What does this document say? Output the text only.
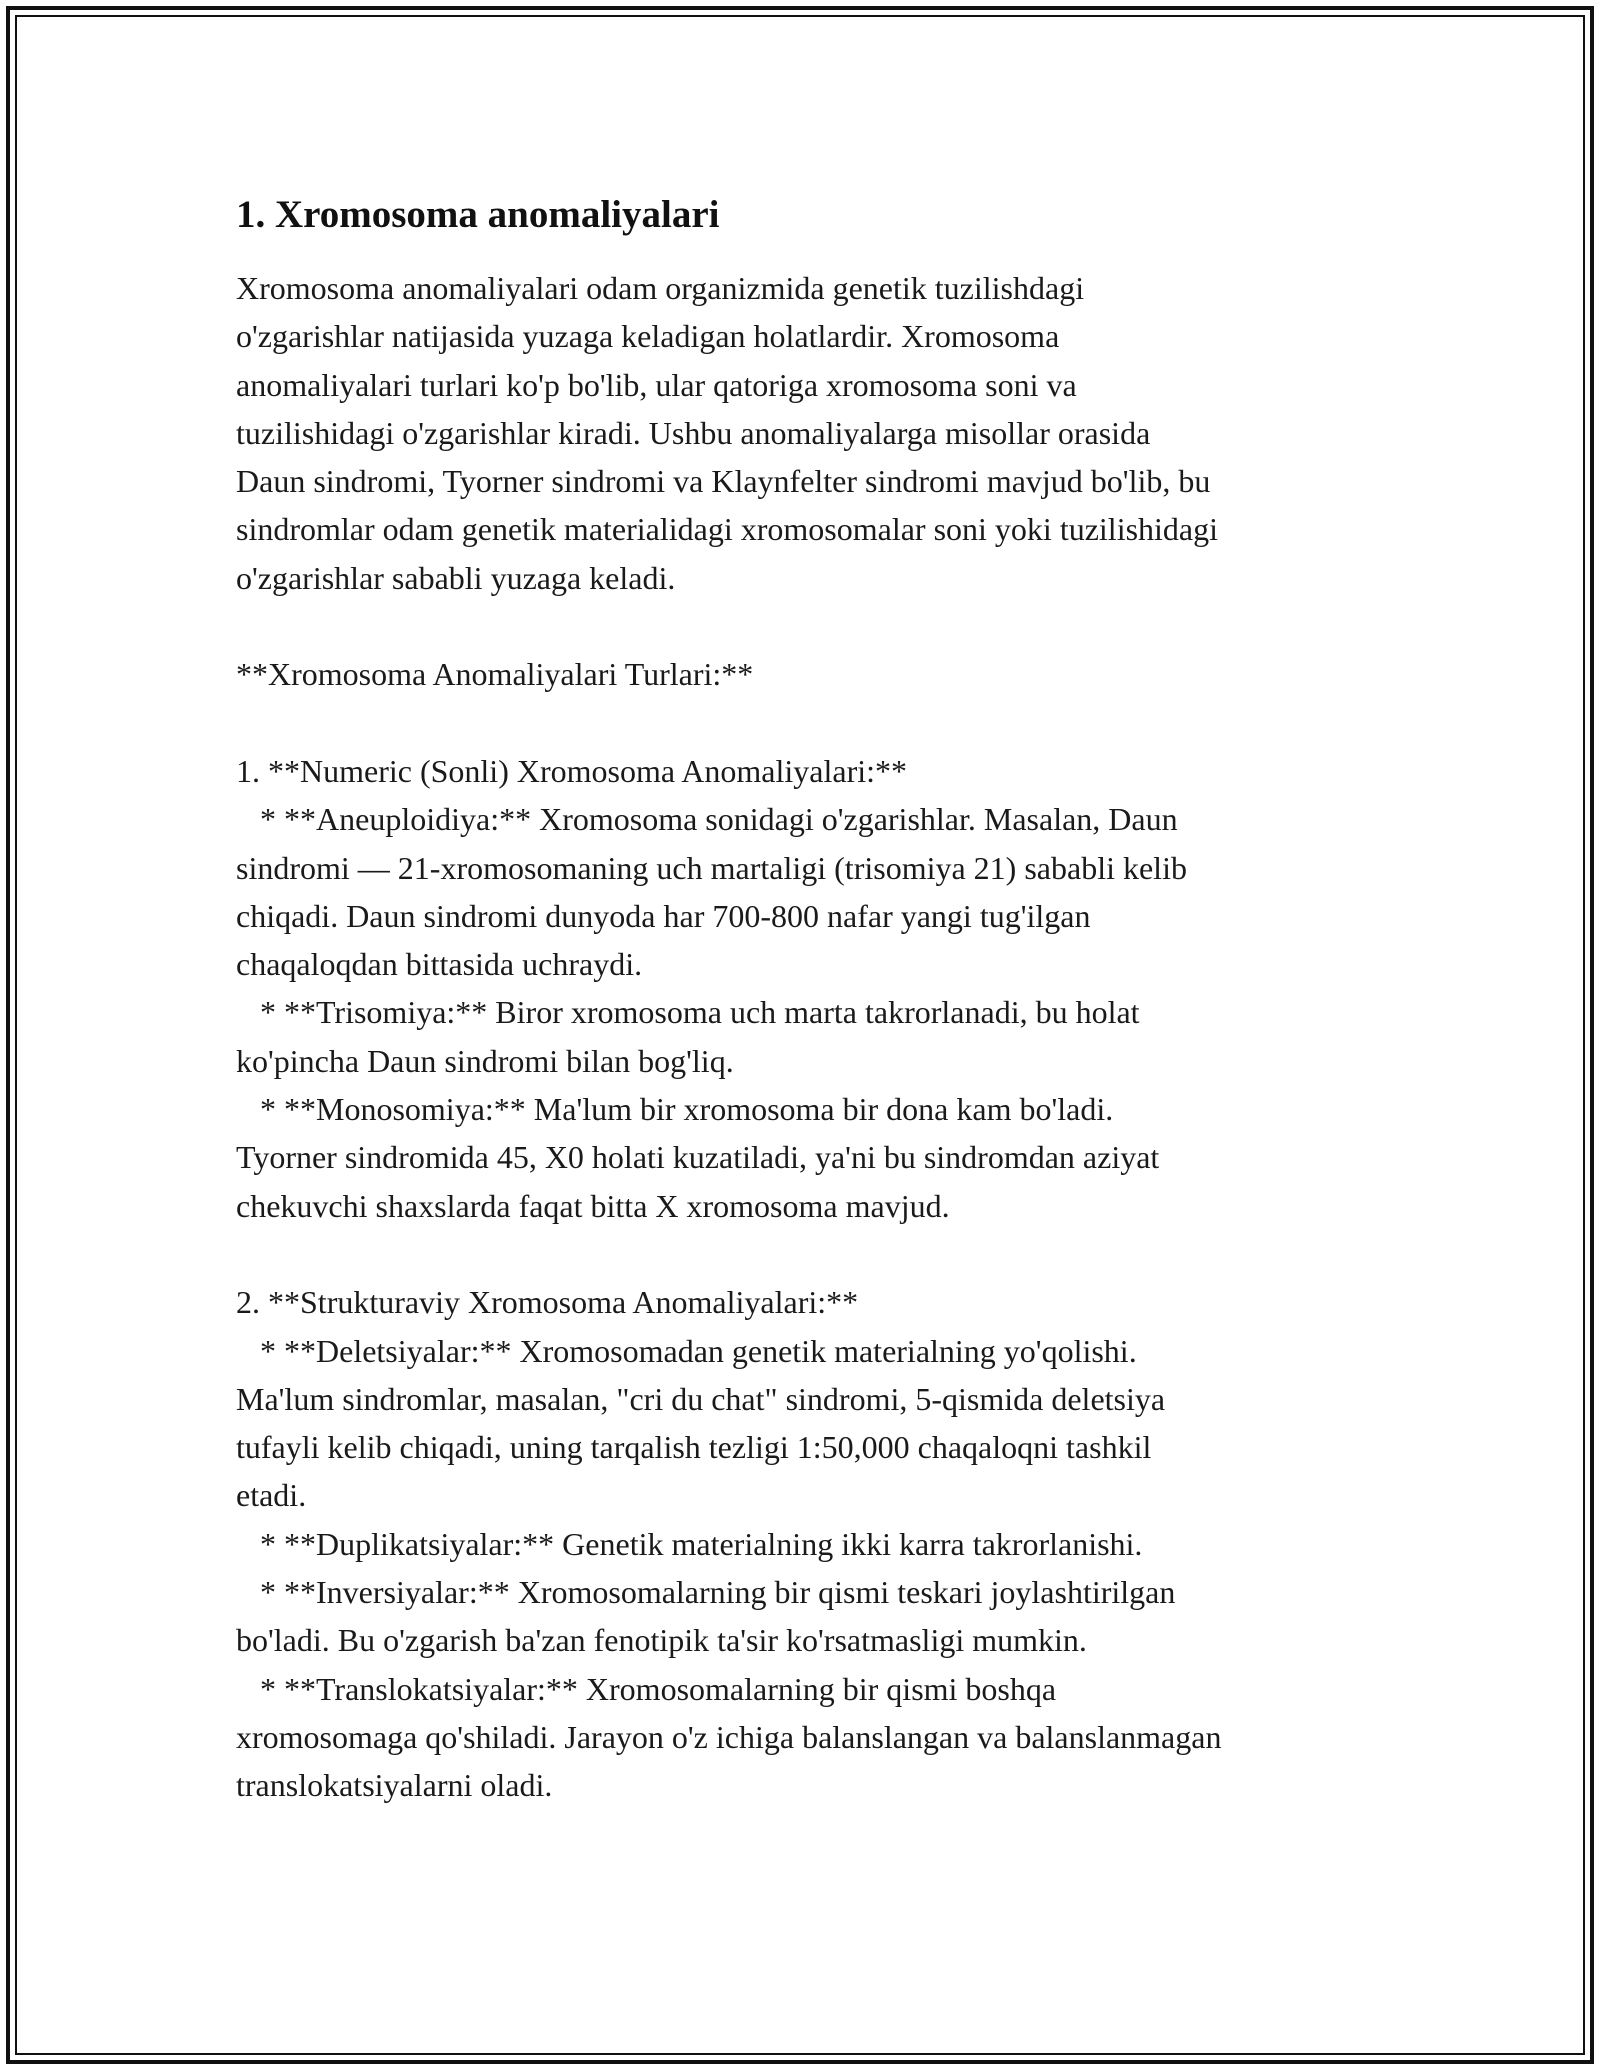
1. Xromosoma anomaliyalari
Xromosoma anomaliyalari odam organizmida genetik tuzilishdagi
o'zgarishlar natijasida yuzaga keladigan holatlardir. Xromosoma
anomaliyalari turlari ko'p bo'lib, ular qatoriga xromosoma soni va
tuzilishidagi o'zgarishlar kiradi. Ushbu anomaliyalarga misollar orasida
Daun sindromi, Tyorner sindromi va Klaynfelter sindromi mavjud bo'lib, bu
sindromlar odam genetik materialidagi xromosomalar soni yoki tuzilishidagi
o'zgarishlar sababli yuzaga keladi.

**Xromosoma Anomaliyalari Turlari:**

1. **Numeric (Sonli) Xromosoma Anomaliyalari:**
* **Aneuploidiya:** Xromosoma sonidagi o'zgarishlar. Masalan, Daun
sindromi — 21-xromosomaning uch martaligi (trisomiya 21) sababli kelib
chiqadi. Daun sindromi dunyoda har 700-800 nafar yangi tug'ilgan
chaqaloqdan bittasida uchraydi.
* **Trisomiya:** Biror xromosoma uch marta takrorlanadi, bu holat
ko'pincha Daun sindromi bilan bog'liq.
* **Monosomiya:** Ma'lum bir xromosoma bir dona kam bo'ladi.
Tyorner sindromida 45, X0 holati kuzatiladi, ya'ni bu sindromdan aziyat
chekuvchi shaxslarda faqat bitta X xromosoma mavjud.

2. **Strukturaviy Xromosoma Anomaliyalari:**
* **Deletsiyalar:** Xromosomadan genetik materialning yo'qolishi.
Ma'lum sindromlar, masalan, "cri du chat" sindromi, 5-qismida deletsiya
tufayli kelib chiqadi, uning tarqalish tezligi 1:50,000 chaqaloqni tashkil
etadi.
* **Duplikatsiyalar:** Genetik materialning ikki karra takrorlanishi.
* **Inversiyalar:** Xromosomalarning bir qismi teskari joylashtirilgan
bo'ladi. Bu o'zgarish ba'zan fenotipik ta'sir ko'rsatmasligi mumkin.
* **Translokatsiyalar:** Xromosomalarning bir qismi boshqa
xromosomaga qo'shiladi. Jarayon o'z ichiga balanslangan va balanslanmagan
translokatsiyalarni oladi.
